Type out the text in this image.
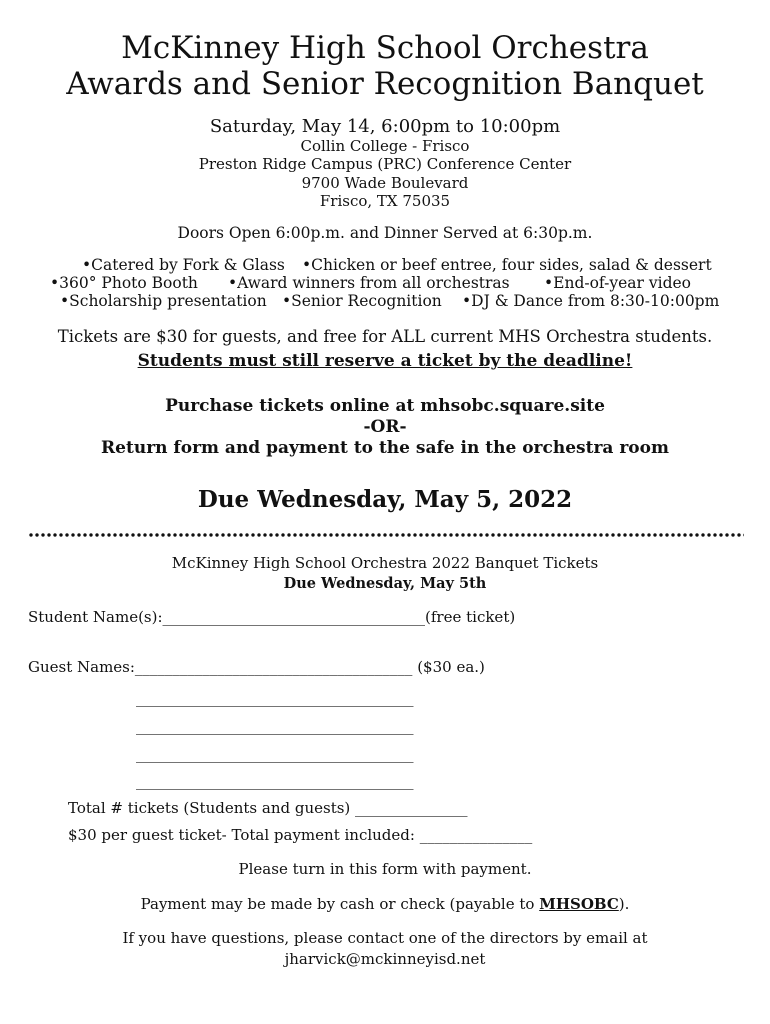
McKinney High School Orchestra
Awards and Senior Recognition Banquet
Saturday, May 14, 6:00pm to 10:00pm
Collin College - Frisco
Preston Ridge Campus (PRC) Conference Center
9700 Wade Boulevard
Frisco, TX 75035
Doors Open 6:00p.m. and Dinner Served at 6:30p.m.
•Catered by Fork & Glass •Chicken or beef entree, four sides, salad & dessert
•360° Photo Booth •Award winners from all orchestras •End-of-year video
•Scholarship presentation •Senior Recognition •DJ & Dance from 8:30-10:00pm
Tickets are $30 for guests, and free for ALL current MHS Orchestra students.
Students must still reserve a ticket by the deadline!
Purchase tickets online at mhsobc.square.site
-OR-
Return form and payment to the safe in the orchestra room
Due Wednesday, May 5, 2022
McKinney High School Orchestra 2022 Banquet Tickets
Due Wednesday, May 5th
Student Name(s):___________________________________(free ticket)
Guest Names:_____________________________________ ($30 ea.)
_____________________________________
_____________________________________
_____________________________________
_____________________________________
Total # tickets (Students and guests) _______________
$30 per guest ticket- Total payment included: _______________
Please turn in this form with payment.
Payment may be made by cash or check (payable to MHSOBC).
If you have questions, please contact one of the directors by email at
jharvick@mckinneyisd.net
